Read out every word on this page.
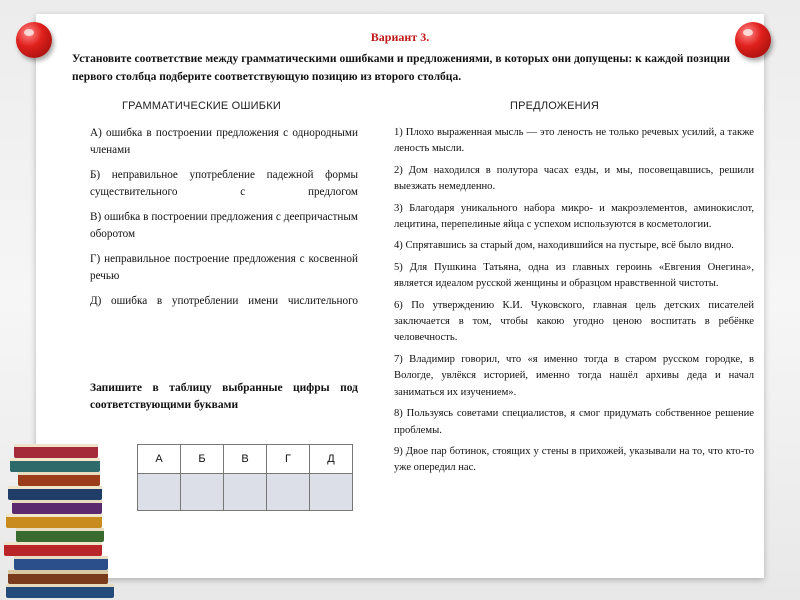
Вариант 3.
Установите соответствие между грамматическими ошибками и предложениями, в которых они допущены: к каждой позиции первого столбца подберите соответствующую позицию из второго столбца.
ГРАММАТИЧЕСКИЕ ОШИБКИ	ПРЕДЛОЖЕНИЯ

А) ошибка в построении предложения с однородными членами

Б) неправильное употребление падежной формы существительного с предлогом

В) ошибка в построении предложения с деепричастным оборотом

Г) неправильное построение предложения с косвенной речью

Д) ошибка в употреблении имени числительного

1) Плохо выраженная мысль — это леность не только речевых усилий, а также леность мысли.

2) Дом находился в полутора часах езды, и мы, посовещавшись, решили выезжать немедленно.

3) Благодаря уникального набора микро- и макроэлементов, аминокислот, лецитина, перепелиные яйца с успехом используются в косметологии.

4) Спрятавшись за старый дом, находившийся на пустыре, всё было видно.

5) Для Пушкина Татьяна, одна из главных героинь «Евгения Онегина», является идеалом русской женщины и образцом нравственной чистоты.

6) По утверждению К.И. Чуковского, главная цель детских писателей заключается в том, чтобы какою угодно ценою воспитать в ребёнке человечность.

7) Владимир говорил, что «я именно тогда в старом русском городке, в Вологде, увлёкся историей, именно тогда нашёл архивы деда и начал заниматься их изучением».

8) Пользуясь советами специалистов, я смог придумать собственное решение проблемы.

9) Двое пар ботинок, стоящих у стены в прихожей, указывали на то, что кто-то уже опередил нас.

Запишите в таблицу выбранные цифры под соответствующими буквами
А	Б	В	Г	Д
